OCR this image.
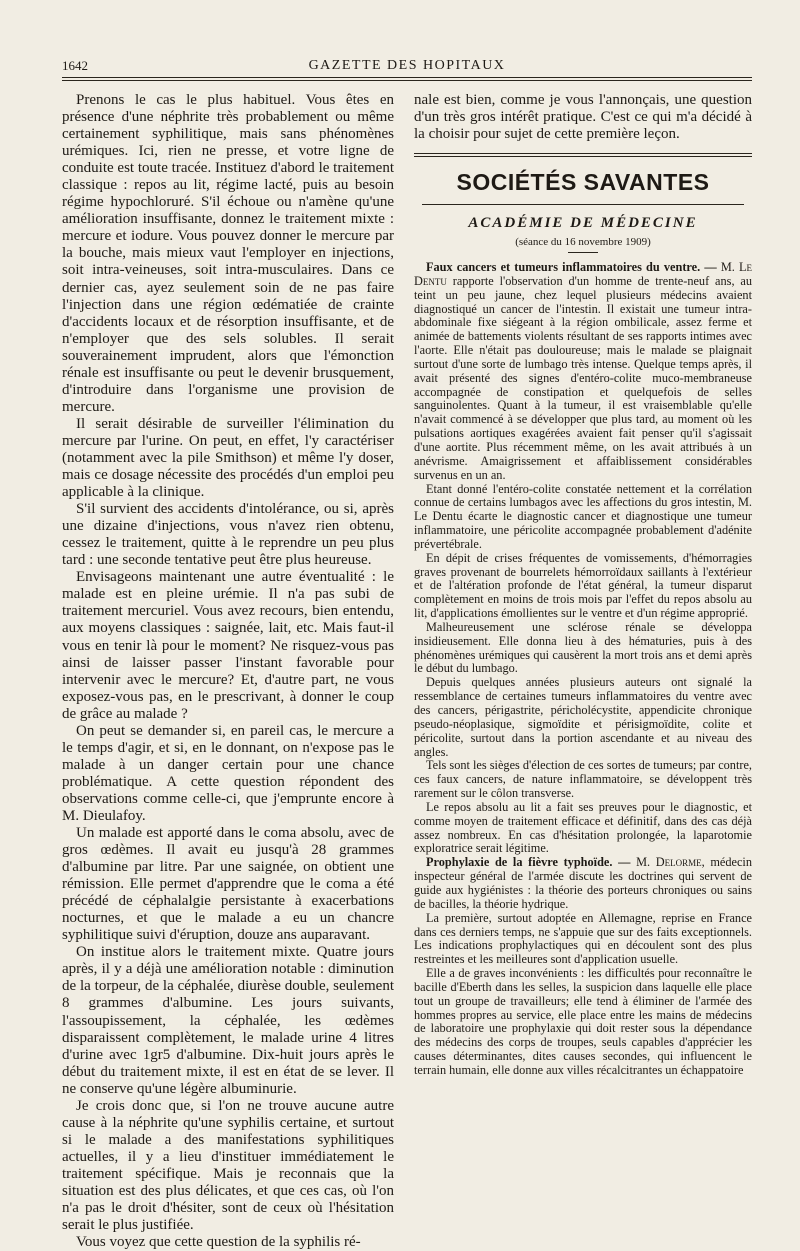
1642	GAZETTE DES HOPITAUX

Prenons le cas le plus habituel. Vous êtes en présence d'une néphrite très probablement ou même certainement syphilitique, mais sans phénomènes urémiques. Ici, rien ne presse, et votre ligne de conduite est toute tracée. Instituez d'abord le traitement classique : repos au lit, régime lacté, puis au besoin régime hypochloruré. S'il échoue ou n'amène qu'une amélioration insuffisante, donnez le traitement mixte : mercure et iodure. Vous pouvez donner le mercure par la bouche, mais mieux vaut l'employer en injections, soit intra-veineuses, soit intra-musculaires. Dans ce dernier cas, ayez seulement soin de ne pas faire l'injection dans une région œdématiée de crainte d'accidents locaux et de résorption insuffisante, et de n'employer que des sels solubles. Il serait souverainement imprudent, alors que l'émonction rénale est insuffisante ou peut le devenir brusquement, d'introduire dans l'organisme une provision de mercure.

Il serait désirable de surveiller l'élimination du mercure par l'urine. On peut, en effet, l'y caractériser (notamment avec la pile Smithson) et même l'y doser, mais ce dosage nécessite des procédés d'un emploi peu applicable à la clinique.

S'il survient des accidents d'intolérance, ou si, après une dizaine d'injections, vous n'avez rien obtenu, cessez le traitement, quitte à le reprendre un peu plus tard : une seconde tentative peut être plus heureuse.

Envisageons maintenant une autre éventualité : le malade est en pleine urémie. Il n'a pas subi de traitement mercuriel. Vous avez recours, bien entendu, aux moyens classiques : saignée, lait, etc. Mais faut-il vous en tenir là pour le moment? Ne risquez-vous pas ainsi de laisser passer l'instant favorable pour intervenir avec le mercure? Et, d'autre part, ne vous exposez-vous pas, en le prescrivant, à donner le coup de grâce au malade ?

On peut se demander si, en pareil cas, le mercure a le temps d'agir, et si, en le donnant, on n'expose pas le malade à un danger certain pour une chance problématique. A cette question répondent des observations comme celle-ci, que j'emprunte encore à M. Dieulafoy.

Un malade est apporté dans le coma absolu, avec de gros œdèmes. Il avait eu jusqu'à 28 grammes d'albumine par litre. Par une saignée, on obtient une rémission. Elle permet d'apprendre que le coma a été précédé de céphalalgie persistante à exacerbations nocturnes, et que le malade a eu un chancre syphilitique suivi d'éruption, douze ans auparavant.

On institue alors le traitement mixte. Quatre jours après, il y a déjà une amélioration notable : diminution de la torpeur, de la céphalée, diurèse double, seulement 8 grammes d'albumine. Les jours suivants, l'assoupissement, la céphalée, les œdèmes disparaissent complètement, le malade urine 4 litres d'urine avec 1gr5 d'albumine. Dix-huit jours après le début du traitement mixte, il est en état de se lever. Il ne conserve qu'une légère albuminurie.

Je crois donc que, si l'on ne trouve aucune autre cause à la néphrite qu'une syphilis certaine, et surtout si le malade a des manifestations syphilitiques actuelles, il y a lieu d'instituer immédiatement le traitement spécifique. Mais je reconnais que la situation est des plus délicates, et que ces cas, où l'on n'a pas le droit d'hésiter, sont de ceux où l'hésitation serait le plus justifiée.

Vous voyez que cette question de la syphilis ré-

nale est bien, comme je vous l'annonçais, une question d'un très gros intérêt pratique. C'est ce qui m'a décidé à la choisir pour sujet de cette première leçon.

SOCIÉTÉS SAVANTES
ACADÉMIE DE MÉDECINE
(séance du 16 novembre 1909)

Faux cancers et tumeurs inflammatoires du ventre. — M. Le Dentu rapporte l'observation d'un homme de trente-neuf ans, au teint un peu jaune, chez lequel plusieurs médecins avaient diagnostiqué un cancer de l'intestin. Il existait une tumeur intra-abdominale fixe siégeant à la région ombilicale, assez ferme et animée de battements violents résultant de ses rapports intimes avec l'aorte. Elle n'était pas douloureuse; mais le malade se plaignait surtout d'une sorte de lumbago très intense. Quelque temps après, il avait présenté des signes d'entéro-colite muco-membraneuse accompagnée de constipation et quelquefois de selles sanguinolentes. Quant à la tumeur, il est vraisemblable qu'elle n'avait commencé à se développer que plus tard, au moment où les pulsations aortiques exagérées avaient fait penser qu'il s'agissait d'une aortite. Plus récemment même, on les avait attribués à un anévrisme. Amaigrissement et affaiblissement considérables survenus en un an.

Etant donné l'entéro-colite constatée nettement et la corrélation connue de certains lumbagos avec les affections du gros intestin, M. Le Dentu écarte le diagnostic cancer et diagnostique une tumeur inflammatoire, une péricolite accompagnée probablement d'adénite prévertébrale.

En dépit de crises fréquentes de vomissements, d'hémorragies graves provenant de bourrelets hémorroïdaux saillants à l'extérieur et de l'altération profonde de l'état général, la tumeur disparut complètement en moins de trois mois par l'effet du repos absolu au lit, d'applications émollientes sur le ventre et d'un régime approprié.

Malheureusement une sclérose rénale se développa insidieusement. Elle donna lieu à des hématuries, puis à des phénomènes urémiques qui causèrent la mort trois ans et demi après le début du lumbago.

Depuis quelques années plusieurs auteurs ont signalé la ressemblance de certaines tumeurs inflammatoires du ventre avec des cancers, périgastrite, péricholécystite, appendicite chronique pseudo-néoplasique, sigmoïdite et périsigmoïdite, colite et péricolite, surtout dans la portion ascendante et au niveau des angles.

Tels sont les sièges d'élection de ces sortes de tumeurs; par contre, ces faux cancers, de nature inflammatoire, se développent très rarement sur le côlon transverse.

Le repos absolu au lit a fait ses preuves pour le diagnostic, et comme moyen de traitement efficace et définitif, dans des cas déjà assez nombreux. En cas d'hésitation prolongée, la laparotomie exploratrice serait légitime.

Prophylaxie de la fièvre typhoïde. — M. Delorme, médecin inspecteur général de l'armée discute les doctrines qui servent de guide aux hygiénistes : la théorie des porteurs chroniques ou sains de bacilles, la théorie hydrique.

La première, surtout adoptée en Allemagne, reprise en France dans ces derniers temps, ne s'appuie que sur des faits exceptionnels. Les indications prophylactiques qui en découlent sont des plus restreintes et les meilleures sont d'application usuelle.

Elle a de graves inconvénients : les difficultés pour reconnaître le bacille d'Eberth dans les selles, la suspicion dans laquelle elle place tout un groupe de travailleurs; elle tend à éliminer de l'armée des hommes propres au service, elle place entre les mains de médecins de laboratoire une prophylaxie qui doit rester sous la dépendance des médecins des corps de troupes, seuls capables d'apprécier les causes déterminantes, dites causes secondes, qui influencent le terrain humain, elle donne aux villes récalcitrantes un échappatoire
